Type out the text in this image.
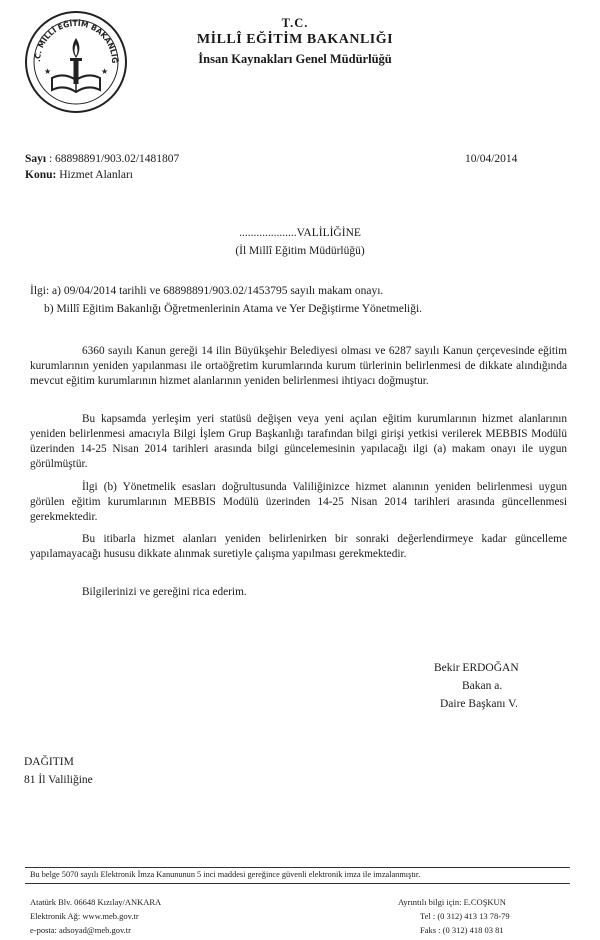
.C. MİLLÎ EĞİTİM BAKANLIĞ
★	★
T.C.
MİLLÎ EĞİTİM BAKANLIĞI
İnsan Kaynakları Genel Müdürlüğü
Sayı : 68898891/903.02/1481807	10/04/2014
Konu: Hizmet Alanları
....................VALİLİĞİNE
(İl Millî Eğitim Müdürlüğü)
İlgi: a) 09/04/2014 tarihli ve 68898891/903.02/1453795 sayılı makam onayı.
b) Millî Eğitim Bakanlığı Öğretmenlerinin Atama ve Yer Değiştirme Yönetmeliği.

6360 sayılı Kanun gereği 14 ilin Büyükşehir Belediyesi olması ve 6287 sayılı Kanun çerçevesinde eğitim kurumlarının yeniden yapılanması ile ortaöğretim kurumlarında kurum türlerinin belirlenmesi de dikkate alındığında mevcut eğitim kurumlarının hizmet alanlarının yeniden belirlenmesi ihtiyacı doğmuştur.

Bu kapsamda yerleşim yeri statüsü değişen veya yeni açılan eğitim kurumlarının hizmet alanlarının yeniden belirlenmesi amacıyla Bilgi İşlem Grup Başkanlığı tarafından bilgi girişi yetkisi verilerek MEBBIS Modülü üzerinden 14-25 Nisan 2014 tarihleri arasında bilgi güncelemesinin yapılacağı ilgi (a) makam onayı ile uygun görülmüştür.

İlgi (b) Yönetmelik esasları doğrultusunda Valiliğinizce hizmet alanının yeniden belirlenmesi uygun görülen eğitim kurumlarının MEBBIS Modülü üzerinden 14-25 Nisan 2014 tarihleri arasında güncellenmesi gerekmektedir.

Bu itibarla hizmet alanları yeniden belirlenirken bir sonraki değerlendirmeye kadar güncelleme yapılamayacağı hususu dikkate alınmak suretiyle çalışma yapılması gerekmektedir.

Bilgilerinizi ve gereğini rica ederim.

Bekir ERDOĞAN
Bakan a.
Daire Başkanı V.
DAĞITIM
81 İl Valiliğine
Bu belge 5070 sayılı Elektronik İmza Kanununun 5 inci maddesi gereğince güvenli elektronik imza ile imzalanmıştır.
Atatürk Blv. 06648 Kızılay/ANKARA
Elektronik Ağ: www.meb.gov.tr
e-posta: adsoyad@meb.gov.tr
Ayrıntılı bilgi için: E.COŞKUN
Tel : (0 312) 413 13 78-79
Faks : (0 312) 418 03 81
